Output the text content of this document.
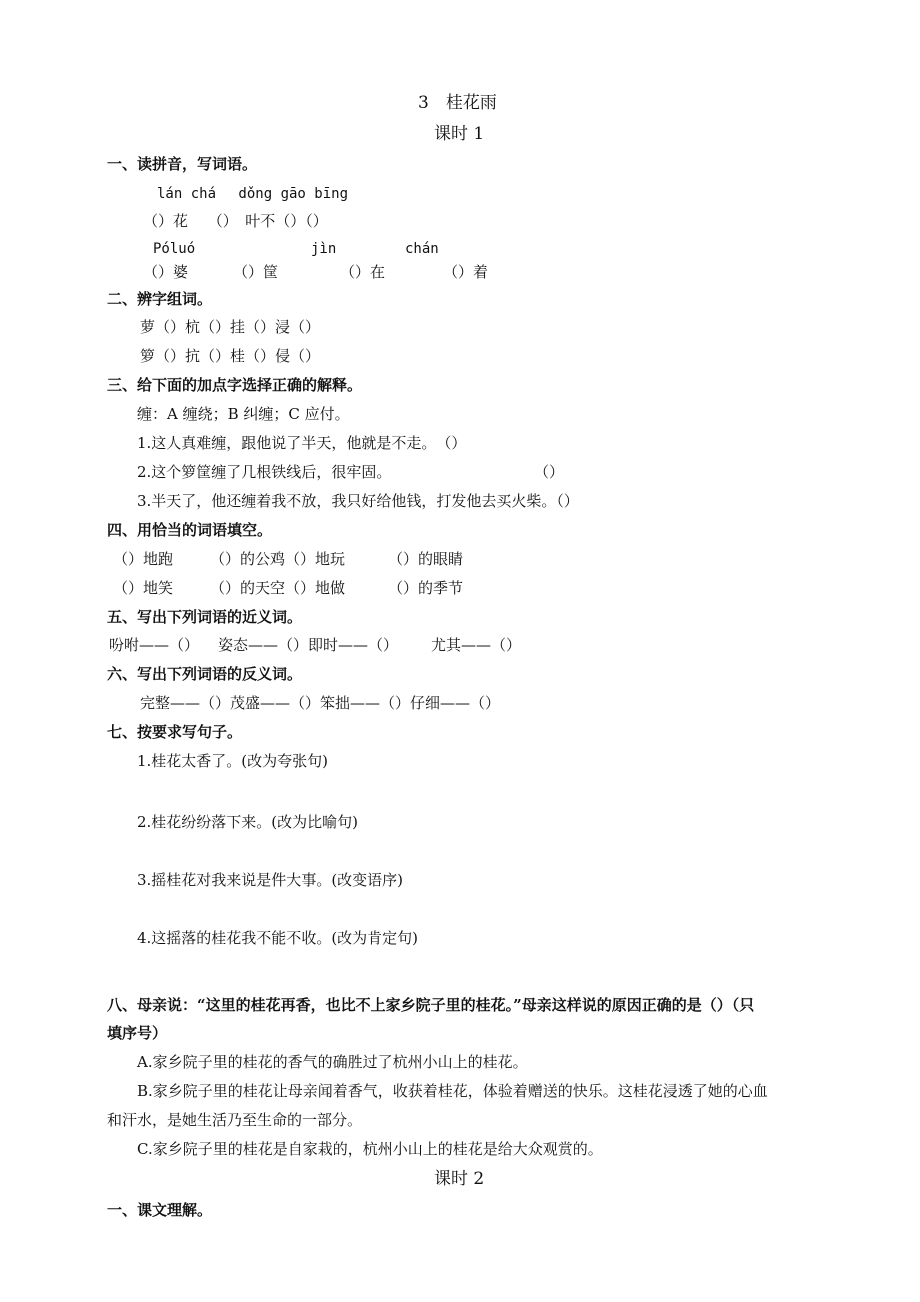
3　桂花雨
课时 1
一、读拼音，写词语。
lán chá　 dǒng gāo bīng
（）花　 （）　叶不（）（）
Póluó	jìn	chán
（）婆	（）筐	（）在	（）着
二、辨字组词。
萝（）杭（）挂（）浸（）
箩（）抗（）桂（）侵（）
三、给下面的加点字选择正确的解释。
缠：A 缠绕；B 纠缠；C 应付。
1.这人真难缠，跟他说了半天，他就是不走。　（）
2.这个箩筐缠了几根铁线后，很牢固。	（）
3.半天了，他还缠着我不放，我只好给他钱，打发他去买火柴。（）
四、用恰当的词语填空。
（）地跑 （）的公鸡（）地玩	（）的眼睛
（）地笑 （）的天空（）地做	（）的季节
五、写出下列词语的近义词。
吩咐——（） 姿态——（）即时——（） 尤其——（）
六、写出下列词语的反义词。
完整——（）茂盛——（）笨拙——（）仔细——（）
七、按要求写句子。
1.桂花太香了。(改为夸张句)
2.桂花纷纷落下来。(改为比喻句)
3.摇桂花对我来说是件大事。(改变语序)
4.这摇落的桂花我不能不收。(改为肯定句)
八、母亲说：“这里的桂花再香，也比不上家乡院子里的桂花。”母亲这样说的原因正确的是（）（只
填序号）
A.家乡院子里的桂花的香气的确胜过了杭州小山上的桂花。
B.家乡院子里的桂花让母亲闻着香气，收获着桂花，体验着赠送的快乐。这桂花浸透了她的心血
和汗水，是她生活乃至生命的一部分。
C.家乡院子里的桂花是自家栽的，杭州小山上的桂花是给大众观赏的。
课时 2
一、课文理解。
